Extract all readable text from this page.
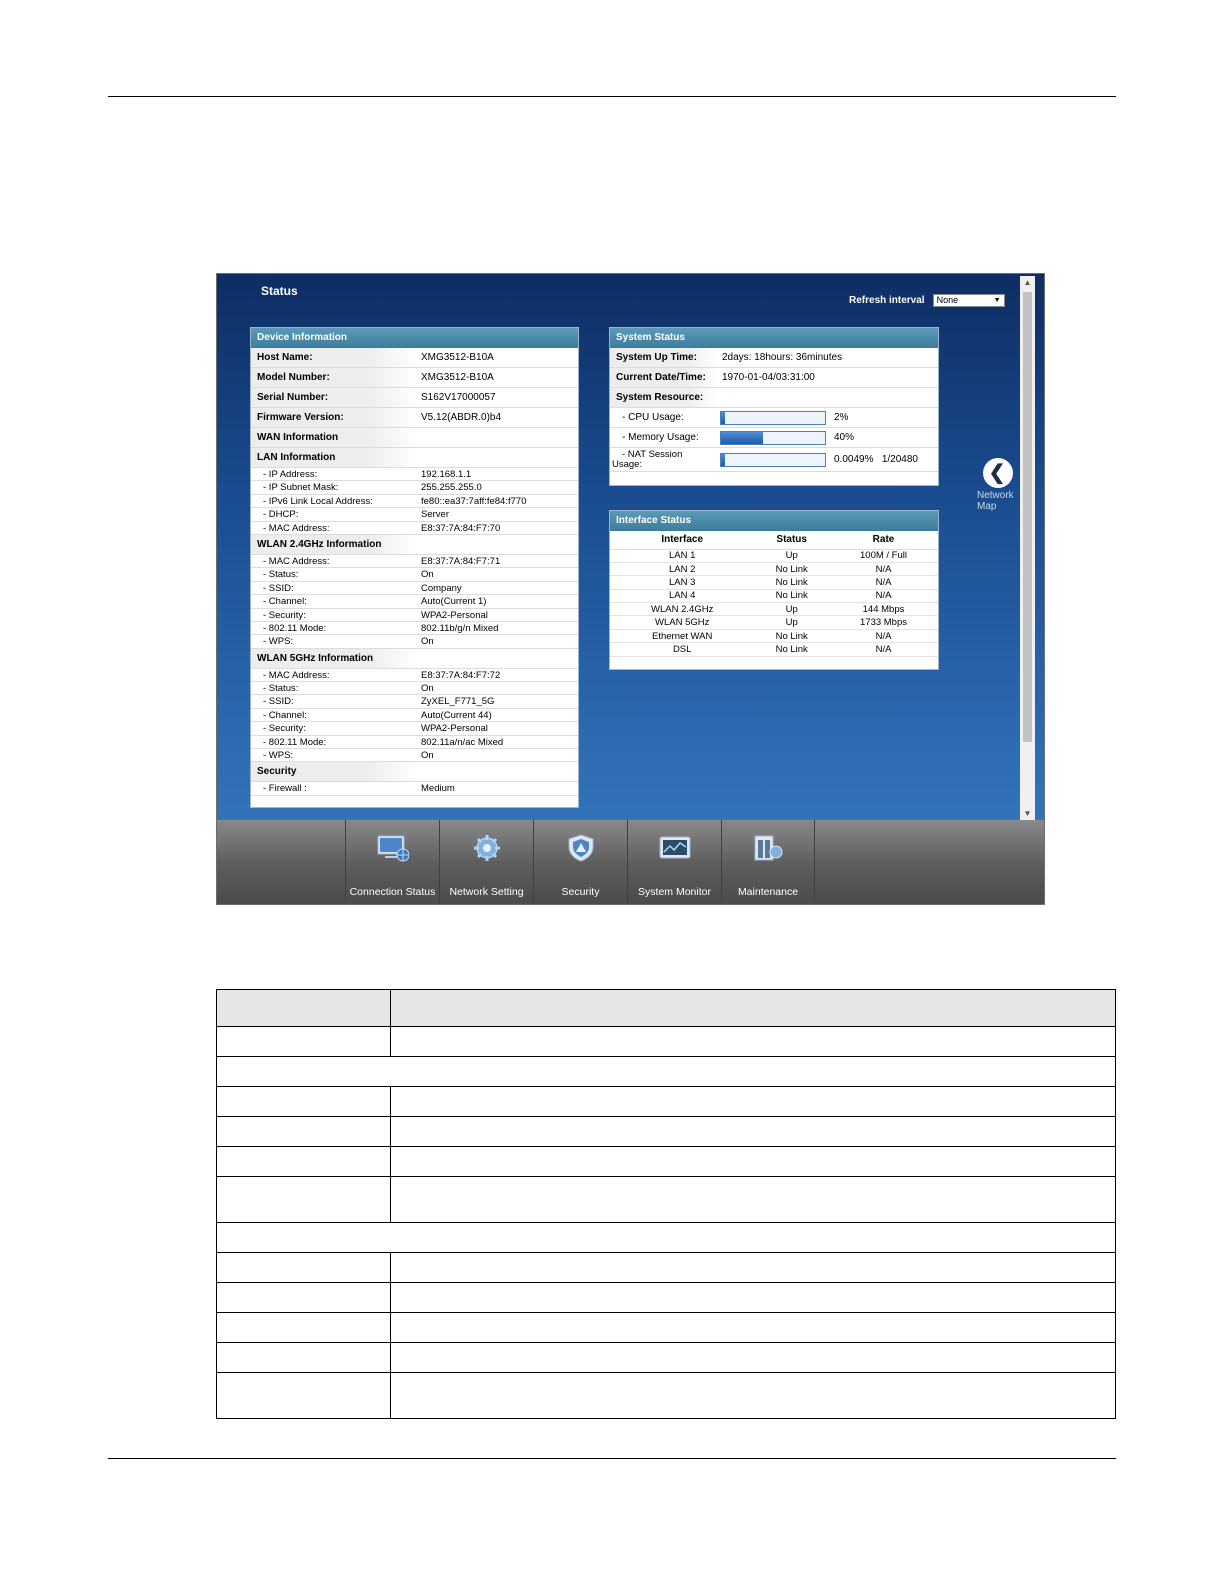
Status
Refresh interval	None	▼
Device Information
Host Name:	XMG3512-B10A
Model Number:	XMG3512-B10A
Serial Number:	S162V17000057
Firmware Version:	V5.12(ABDR.0)b4
WAN Information
LAN Information
- IP Address:	192.168.1.1
- IP Subnet Mask:	255.255.255.0
- IPv6 Link Local Address:	fe80::ea37:7aff:fe84:f770
- DHCP:	Server
- MAC Address:	E8:37:7A:84:F7:70
WLAN 2.4GHz Information
- MAC Address:	E8:37:7A:84:F7:71
- Status:	On
- SSID:	Company
- Channel:	Auto(Current 1)
- Security:	WPA2-Personal
- 802.11 Mode:	802.11b/g/n Mixed
- WPS:	On
WLAN 5GHz Information
- MAC Address:	E8:37:7A:84:F7:72
- Status:	On
- SSID:	ZyXEL_F771_5G
- Channel:	Auto(Current 44)
- Security:	WPA2-Personal
- 802.11 Mode:	802.11a/n/ac Mixed
- WPS:	On
Security
- Firewall :	Medium
System Status
System Up Time:	2days: 18hours: 36minutes
Current Date/Time:	1970-01-04/03:31:00
System Resource:
- CPU Usage:	2%
- Memory Usage:	40%
- NAT Session
Usage:	0.0049%   1/20480
Interface Status
Interface	Status	Rate
LAN 1	Up	100M / Full
LAN 2	No Link	N/A
LAN 3	No Link	N/A
LAN 4	No Link	N/A
WLAN 2.4GHz	Up	144 Mbps
WLAN 5GHz	Up	1733 Mbps
Ethernet WAN	No Link	N/A
DSL	No Link	N/A
❮
Network
Map
▲
▼
Connection Status	Network Setting	Security	System Monitor	Maintenance
